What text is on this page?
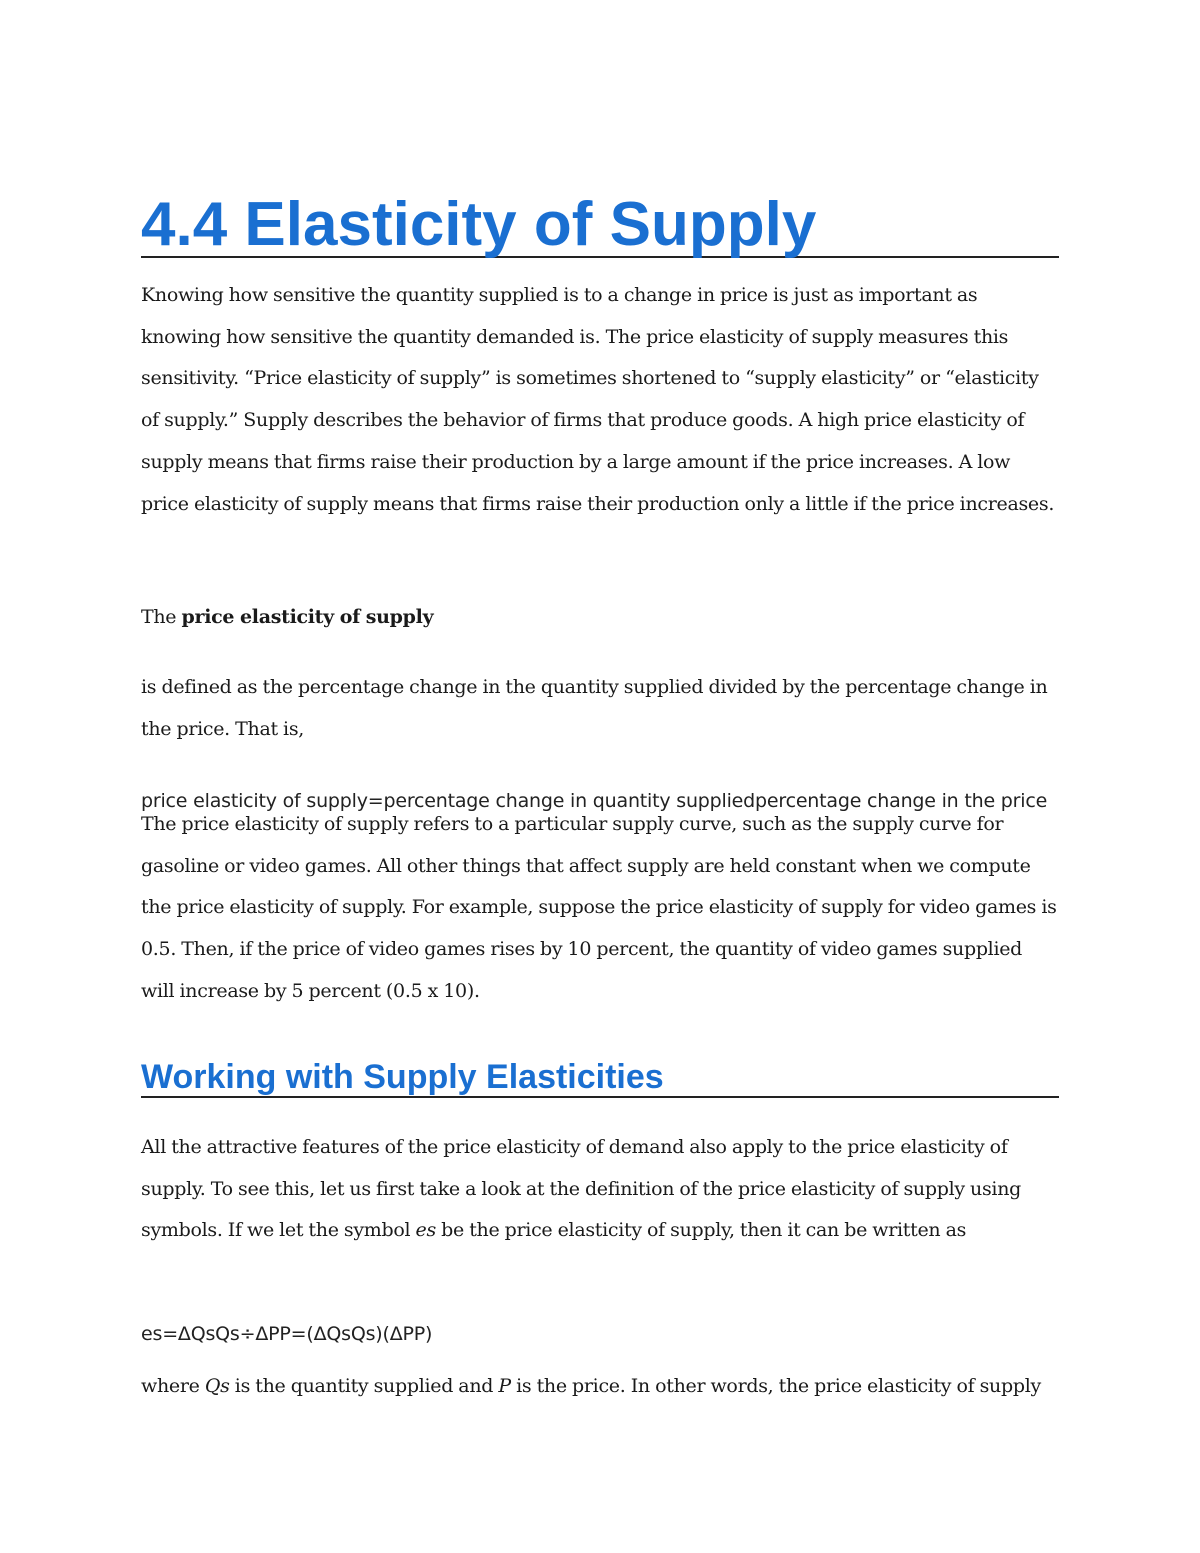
4.4 Elasticity of Supply

Knowing how sensitive the quantity supplied is to a change in price is just as important as knowing how sensitive the quantity demanded is. The price elasticity of supply measures this sensitivity. “Price elasticity of supply” is sometimes shortened to “supply elasticity” or “elasticity of supply.” Supply describes the behavior of firms that produce goods. A high price elasticity of supply means that firms raise their production by a large amount if the price increases. A low price elasticity of supply means that firms raise their production only a little if the price increases.

The price elasticity of supply

is defined as the percentage change in the quantity supplied divided by the percentage change in the price. That is,

price elasticity of supply=percentage change in quantity suppliedpercentage change in the price

The price elasticity of supply refers to a particular supply curve, such as the supply curve for gasoline or video games. All other things that affect supply are held constant when we compute the price elasticity of supply. For example, suppose the price elasticity of supply for video games is 0.5. Then, if the price of video games rises by 10 percent, the quantity of video games supplied will increase by 5 percent (0.5 x 10).

Working with Supply Elasticities

All the attractive features of the price elasticity of demand also apply to the price elasticity of supply. To see this, let us first take a look at the definition of the price elasticity of supply using symbols. If we let the symbol es be the price elasticity of supply, then it can be written as

es=ΔQsQs÷ΔPP=(ΔQsQs)(ΔPP)

where Qs is the quantity supplied and P is the price. In other words, the price elasticity of supply
